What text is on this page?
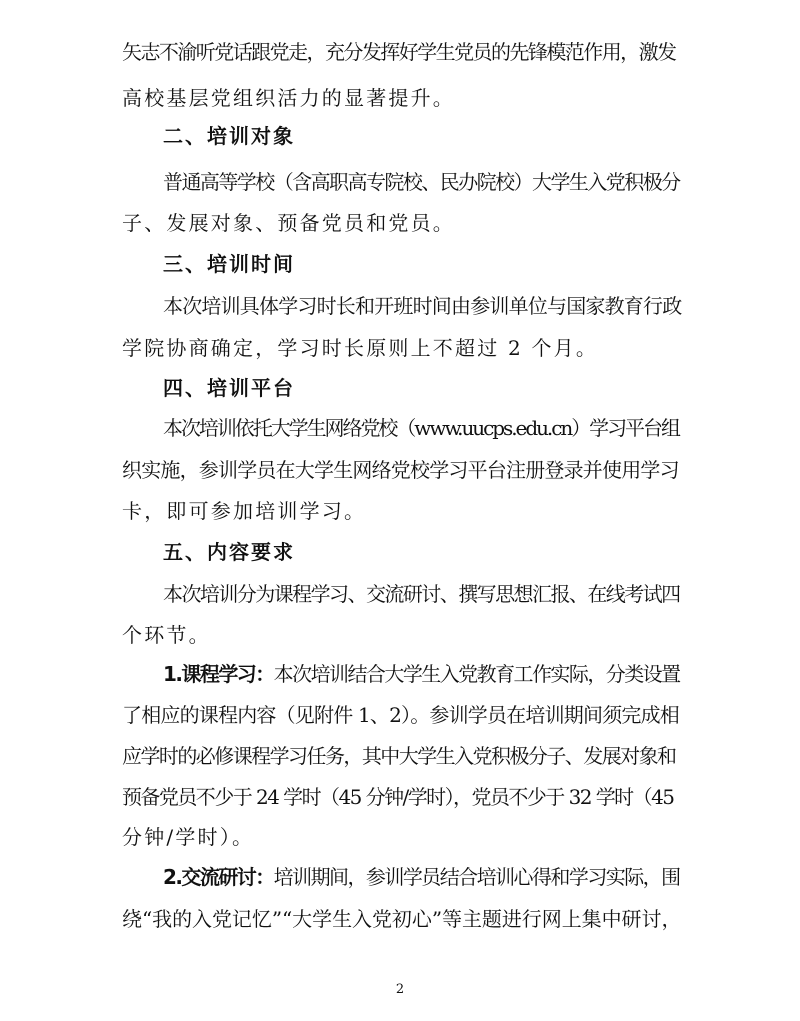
矢志不渝听党话跟党走，充分发挥好学生党员的先锋模范作用，激发
高校基层党组织活力的显著提升。
二、培训对象
普通高等学校（含高职高专院校、民办院校）大学生入党积极分
子、发展对象、预备党员和党员。
三、培训时间
本次培训具体学习时长和开班时间由参训单位与国家教育行政
学院协商确定，学习时长原则上不超过 2 个月。
四、培训平台
本次培训依托大学生网络党校（www.uucps.edu.cn）学习平台组
织实施，参训学员在大学生网络党校学习平台注册登录并使用学习
卡，即可参加培训学习。
五、内容要求
本次培训分为课程学习、交流研讨、撰写思想汇报、在线考试四
个环节。
1.课程学习：本次培训结合大学生入党教育工作实际，分类设置
了相应的课程内容（见附件 1、2）。参训学员在培训期间须完成相
应学时的必修课程学习任务，其中大学生入党积极分子、发展对象和
预备党员不少于 24 学时（45 分钟/学时），党员不少于 32 学时（45
分钟/学时）。
2.交流研讨：培训期间，参训学员结合培训心得和学习实际，围
绕“我的入党记忆”“大学生入党初心”等主题进行网上集中研讨，
2
